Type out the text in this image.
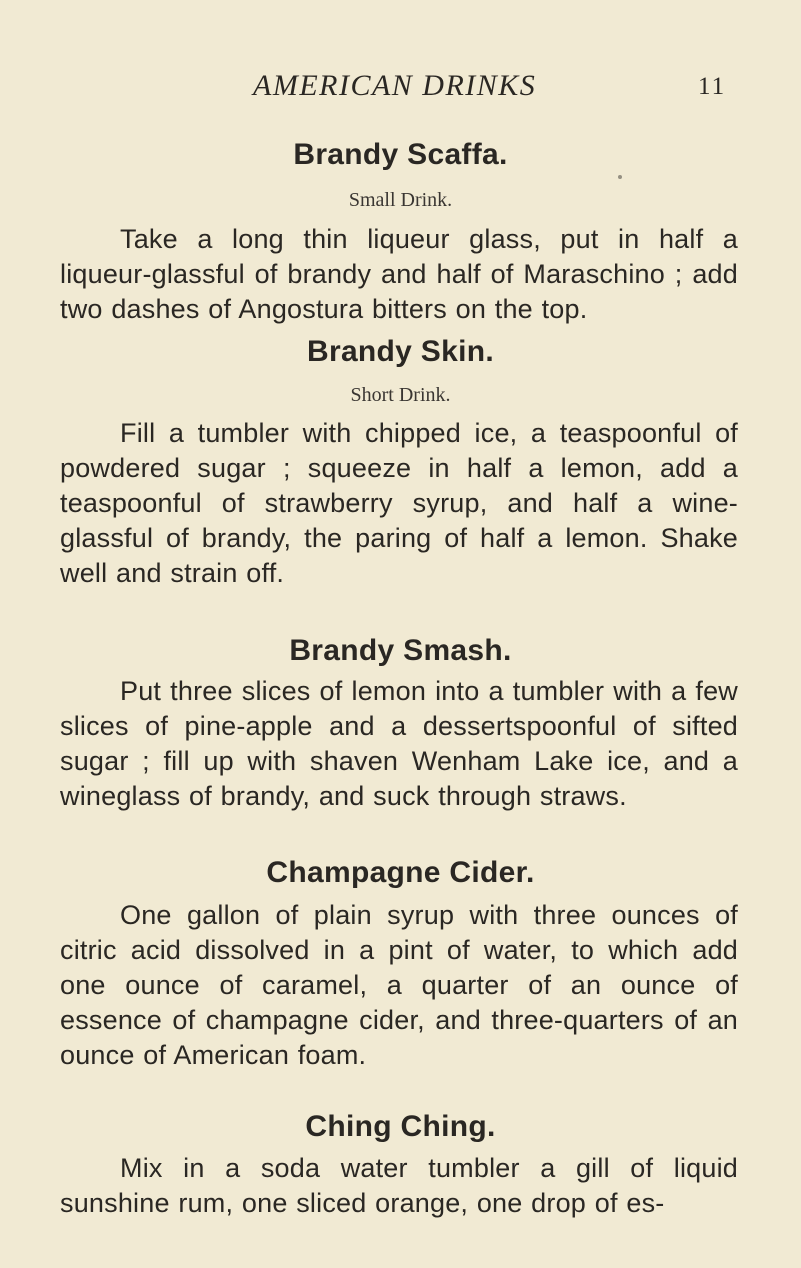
AMERICAN DRINKS	11
Brandy Scaffa.
Small Drink.

Take a long thin liqueur glass, put in half a liqueur-glassful of brandy and half of Maraschino ; add two dashes of Angostura bitters on the top.

Brandy Skin.
Short Drink.

Fill a tumbler with chipped ice, a teaspoonful of powdered sugar ; squeeze in half a lemon, add a teaspoonful of strawberry syrup, and half a wine-glassful of brandy, the paring of half a lemon. Shake well and strain off.

Brandy Smash.

Put three slices of lemon into a tumbler with a few slices of pine-apple and a dessertspoonful of sifted sugar ; fill up with shaven Wenham Lake ice, and a wineglass of brandy, and suck through straws.

Champagne Cider.

One gallon of plain syrup with three ounces of citric acid dissolved in a pint of water, to which add one ounce of caramel, a quarter of an ounce of essence of champagne cider, and three-quarters of an ounce of American foam.

Ching Ching.

Mix in a soda water tumbler a gill of liquid sunshine rum, one sliced orange, one drop of es-
